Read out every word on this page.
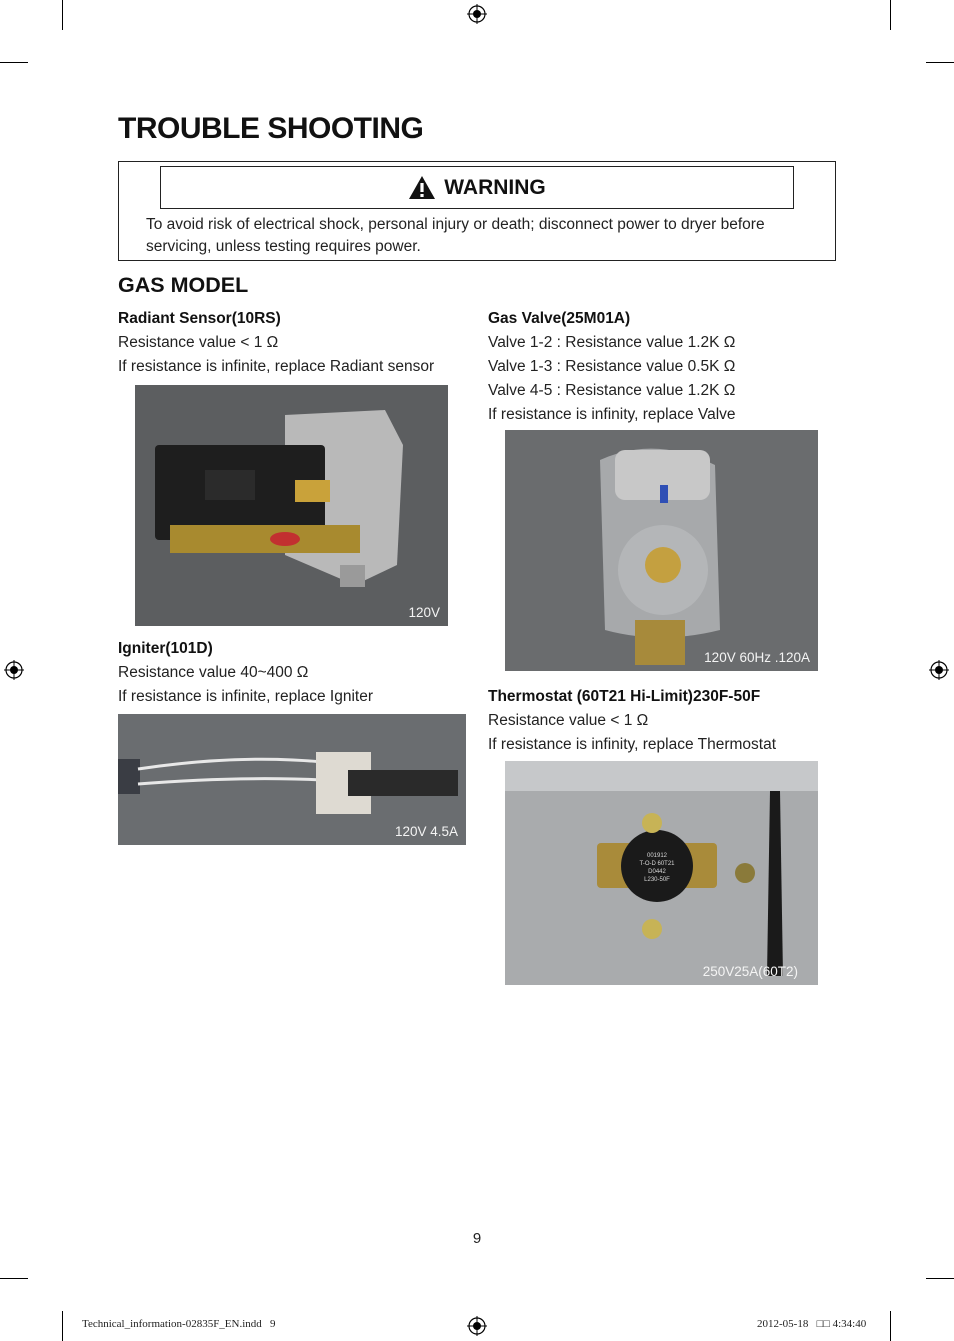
TROUBLE SHOOTING
WARNING
To avoid risk of electrical shock, personal injury or death; disconnect power to dryer before servicing, unless testing requires power.
GAS MODEL
Radiant Sensor(10RS)
Resistance value < 1 Ω
If resistance is infinite, replace Radiant sensor
120V
Igniter(101D)
Resistance value 40~400 Ω
If resistance is infinite, replace Igniter
120V 4.5A
Gas Valve(25M01A)
Valve 1-2 : Resistance value 1.2K Ω
Valve 1-3 : Resistance value 0.5K Ω
Valve 4-5 : Resistance value 1.2K Ω
If resistance is infinity, replace Valve
120V 60Hz .120A
Thermostat (60T21 Hi-Limit)230F-50F
Resistance value < 1 Ω
If resistance is infinity, replace Thermostat
001912
T-O-D 60T21
D0442
L230-50F
250V25A(60T2)
9
Technical_information-02835F_EN.indd   9	2012-05-18   □□ 4:34:40
